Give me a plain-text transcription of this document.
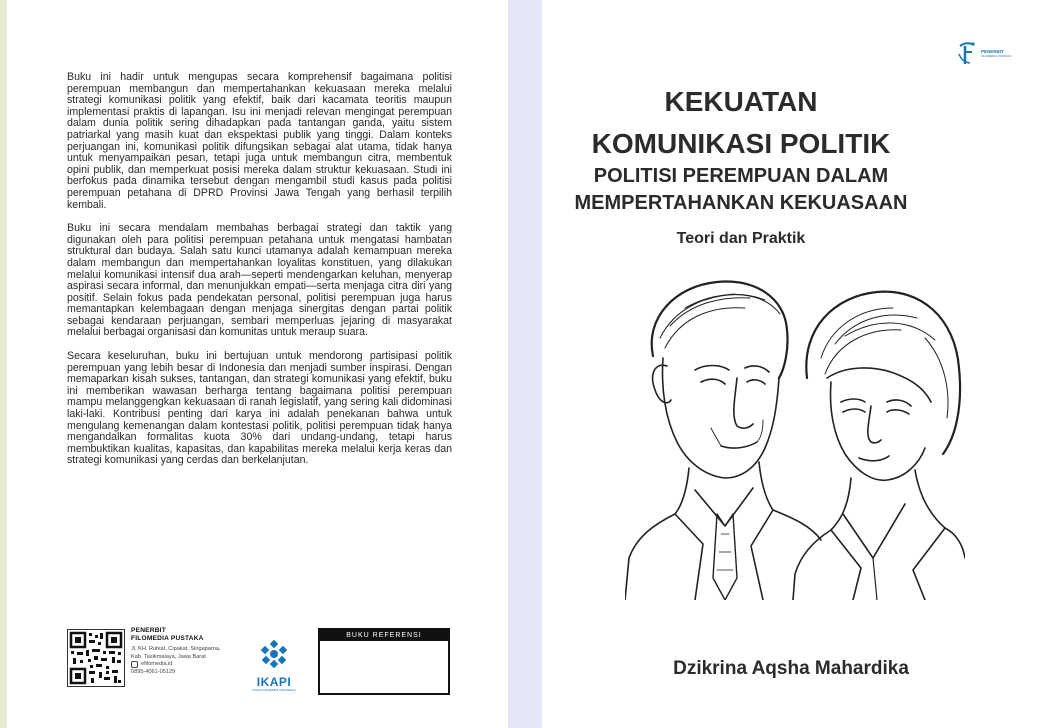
Buku ini hadir untuk mengupas secara komprehensif bagaimana politisi perempuan membangun dan mempertahankan kekuasaan mereka melalui strategi komunikasi politik yang efektif, baik dari kacamata teoritis maupun implementasi praktis di lapangan. Isu ini menjadi relevan mengingat perempuan dalam dunia politik sering dihadapkan pada tantangan ganda, yaitu sistem patriarkal yang masih kuat dan ekspektasi publik yang tinggi. Dalam konteks perjuangan ini, komunikasi politik difungsikan sebagai alat utama, tidak hanya untuk menyampaikan pesan, tetapi juga untuk membangun citra, membentuk opini publik, dan memperkuat posisi mereka dalam struktur kekuasaan. Studi ini berfokus pada dinamika tersebut dengan mengambil studi kasus pada politisi perempuan petahana di DPRD Provinsi Jawa Tengah yang berhasil terpilih kembali.

Buku ini secara mendalam membahas berbagai strategi dan taktik yang digunakan oleh para politisi perempuan petahana untuk mengatasi hambatan struktural dan budaya. Salah satu kunci utamanya adalah kemampuan mereka dalam membangun dan mempertahankan loyalitas konstituen, yang dilakukan melalui komunikasi intensif dua arah—seperti mendengarkan keluhan, menyerap aspirasi secara informal, dan menunjukkan empati—serta menjaga citra diri yang positif. Selain fokus pada pendekatan personal, politisi perempuan juga harus memantapkan kelembagaan dengan menjaga sinergitas dengan partai politik sebagai kendaraan perjuangan, sembari memperluas jejaring di masyarakat melalui berbagai organisasi dan komunitas untuk meraup suara.

Secara keseluruhan, buku ini bertujuan untuk mendorong partisipasi politik perempuan yang lebih besar di Indonesia dan menjadi sumber inspirasi. Dengan memaparkan kisah sukses, tantangan, dan strategi komunikasi yang efektif, buku ini memberikan wawasan berharga tentang bagaimana politisi perempuan mampu melanggengkan kekuasaan di ranah legislatif, yang sering kali didominasi laki-laki. Kontribusi penting dari karya ini adalah penekanan bahwa untuk mengulang kemenangan dalam kontestasi politik, politisi perempuan tidak hanya mengandalkan formalitas kuota 30% dari undang-undang, tetapi harus membuktikan kualitas, kapasitas, dan kapabilitas mereka melalui kerja keras dan strategi komunikasi yang cerdas dan berkelanjutan.

PENERBIT
FILOMEDIA PUSTAKA
Jl. KH. Ruhiat, Cipakat, Singaparna,
Kab. Tasikmalaya, Jawa Barat
efilomedia.id
0895-4061-05129
IKAPI
IKATAN PENERBIT INDONESIA
BUKU REFERENSI
PENERBIT
FILOMEDIA PUSTAKA
KEKUATAN
KOMUNIKASI POLITIK
POLITISI PEREMPUAN DALAM
MEMPERTAHANKAN KEKUASAAN
Teori dan Praktik
Dzikrina Aqsha Mahardika
